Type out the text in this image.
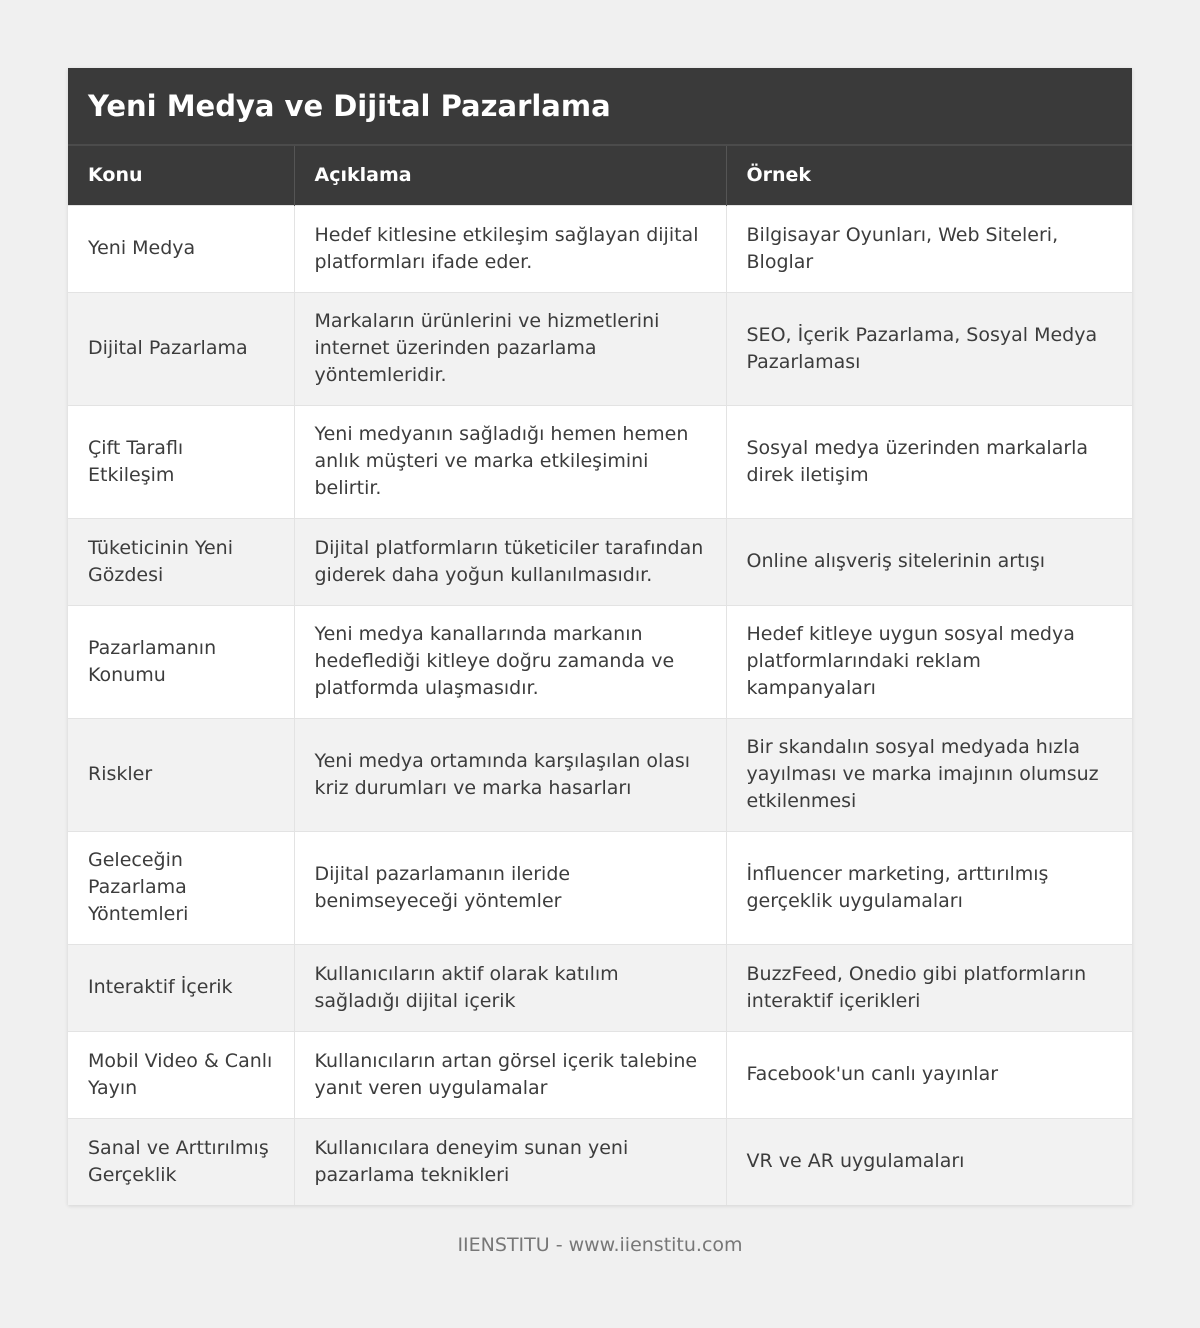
Yeni Medya ve Dijital Pazarlama
Konu	Açıklama	Örnek
Yeni Medya	Hedef kitlesine etkileşim sağlayan dijital platformları ifade eder.	Bilgisayar Oyunları, Web Siteleri, Bloglar
Dijital Pazarlama	Markaların ürünlerini ve hizmetlerini internet üzerinden pazarlama yöntemleridir.	SEO, İçerik Pazarlama, Sosyal Medya Pazarlaması
Çift Taraflı Etkileşim	Yeni medyanın sağladığı hemen hemen anlık müşteri ve marka etkileşimini belirtir.	Sosyal medya üzerinden markalarla direk iletişim
Tüketicinin Yeni Gözdesi	Dijital platformların tüketiciler tarafından giderek daha yoğun kullanılmasıdır.	Online alışveriş sitelerinin artışı
Pazarlamanın Konumu	Yeni medya kanallarında markanın hedeflediği kitleye doğru zamanda ve platformda ulaşmasıdır.	Hedef kitleye uygun sosyal medya platformlarındaki reklam kampanyaları
Riskler	Yeni medya ortamında karşılaşılan olası kriz durumları ve marka hasarları	Bir skandalın sosyal medyada hızla yayılması ve marka imajının olumsuz etkilenmesi
Geleceğin Pazarlama Yöntemleri	Dijital pazarlamanın ileride benimseyeceği yöntemler	İnfluencer marketing, arttırılmış gerçeklik uygulamaları
Interaktif İçerik	Kullanıcıların aktif olarak katılım sağladığı dijital içerik	BuzzFeed, Onedio gibi platformların interaktif içerikleri
Mobil Video & Canlı Yayın	Kullanıcıların artan görsel içerik talebine yanıt veren uygulamalar	Facebook'un canlı yayınlar
Sanal ve Arttırılmış Gerçeklik	Kullanıcılara deneyim sunan yeni pazarlama teknikleri	VR ve AR uygulamaları
IIENSTITU - www.iienstitu.com
